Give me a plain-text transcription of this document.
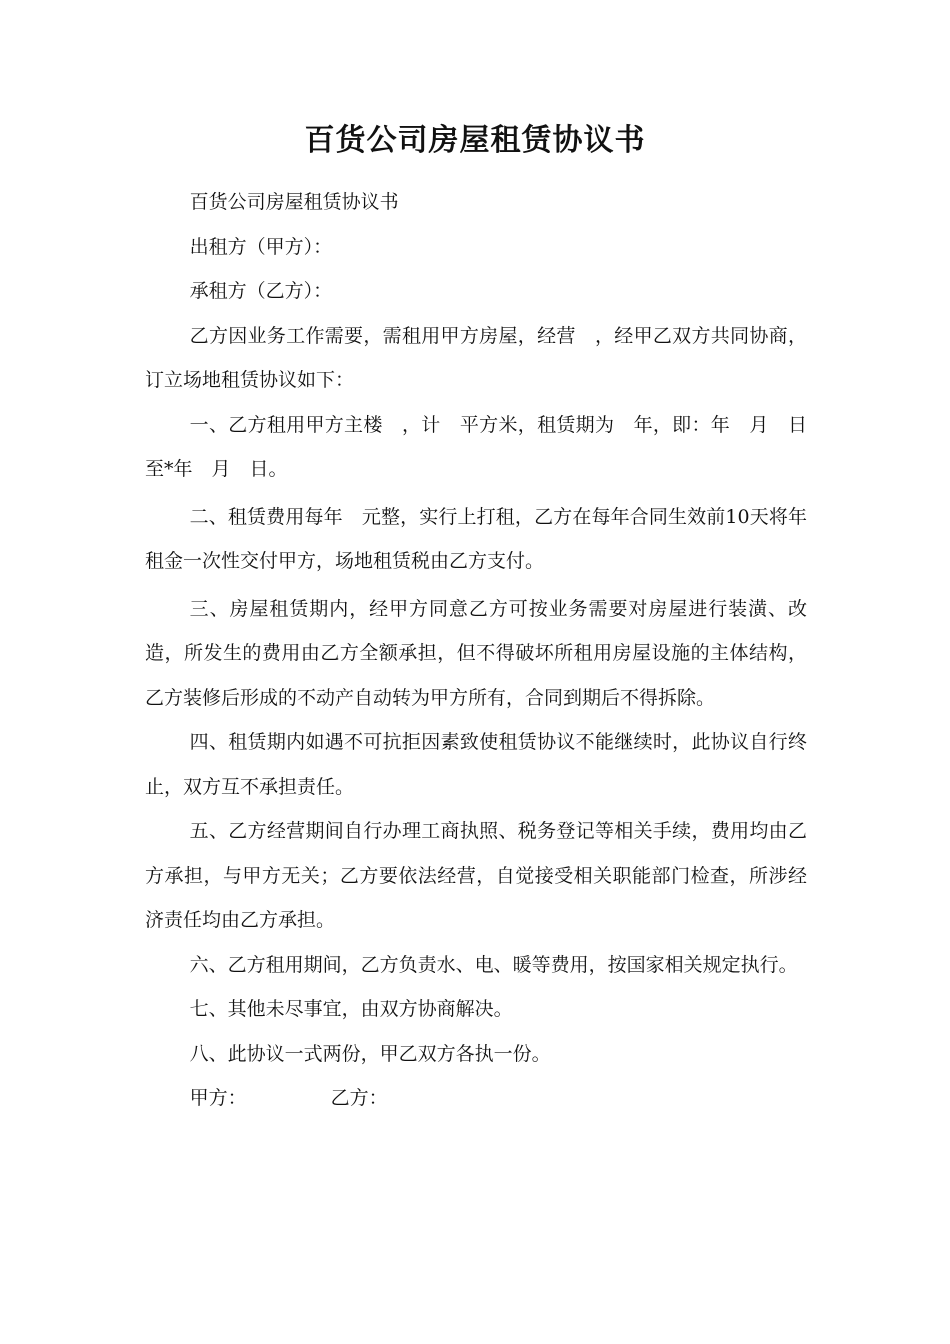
百货公司房屋租赁协议书

百货公司房屋租赁协议书

出租方（甲方）：

承租方（乙方）：

乙方因业务工作需要，需租用甲方房屋，经营　，经甲乙双方共同协商，订立场地租赁协议如下：

一、乙方租用甲方主楼　，计　平方米，租赁期为　年，即：年　月　日至*年　月　日。

二、租赁费用每年　元整，实行上打租，乙方在每年合同生效前10天将年租金一次性交付甲方，场地租赁税由乙方支付。

三、房屋租赁期内，经甲方同意乙方可按业务需要对房屋进行装潢、改造，所发生的费用由乙方全额承担，但不得破坏所租用房屋设施的主体结构，乙方装修后形成的不动产自动转为甲方所有，合同到期后不得拆除。

四、租赁期内如遇不可抗拒因素致使租赁协议不能继续时，此协议自行终止，双方互不承担责任。

五、乙方经营期间自行办理工商执照、税务登记等相关手续，费用均由乙方承担，与甲方无关；乙方要依法经营，自觉接受相关职能部门检查，所涉经济责任均由乙方承担。

六、乙方租用期间，乙方负责水、电、暖等费用，按国家相关规定执行。

七、其他未尽事宜，由双方协商解决。

八、此协议一式两份，甲乙双方各执一份。

甲方：	乙方：
